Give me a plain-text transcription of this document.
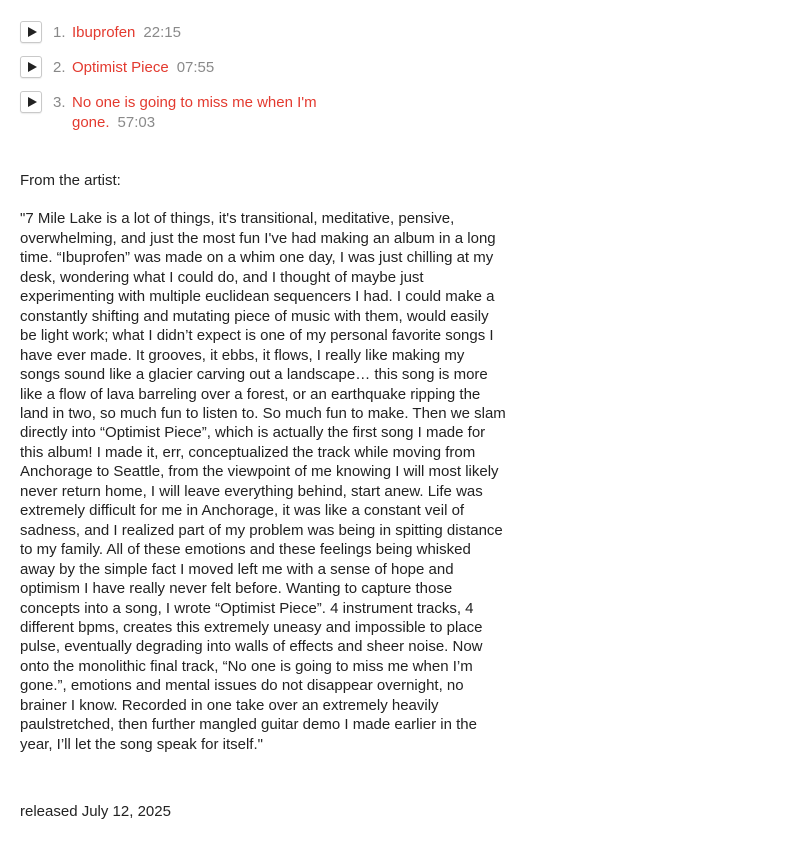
1. Ibuprofen 22:15
2. Optimist Piece 07:55
3. No one is going to miss me when I'm gone. 57:03

From the artist:

"7 Mile Lake is a lot of things, it's transitional, meditative, pensive, overwhelming, and just the most fun I've had making an album in a long time. “Ibuprofen” was made on a whim one day, I was just chilling at my desk, wondering what I could do, and I thought of maybe just experimenting with multiple euclidean sequencers I had. I could make a constantly shifting and mutating piece of music with them, would easily be light work; what I didn’t expect is one of my personal favorite songs I have ever made. It grooves, it ebbs, it flows, I really like making my songs sound like a glacier carving out a landscape… this song is more like a flow of lava barreling over a forest, or an earthquake ripping the land in two, so much fun to listen to. So much fun to make. Then we slam directly into “Optimist Piece”, which is actually the first song I made for this album! I made it, err, conceptualized the track while moving from Anchorage to Seattle, from the viewpoint of me knowing I will most likely never return home, I will leave everything behind, start anew. Life was extremely difficult for me in Anchorage, it was like a constant veil of sadness, and I realized part of my problem was being in spitting distance to my family. All of these emotions and these feelings being whisked away by the simple fact I moved left me with a sense of hope and optimism I have really never felt before. Wanting to capture those concepts into a song, I wrote “Optimist Piece”. 4 instrument tracks, 4 different bpms, creates this extremely uneasy and impossible to place pulse, eventually degrading into walls of effects and sheer noise. Now onto the monolithic final track, “No one is going to miss me when I’m gone.”, emotions and mental issues do not disappear overnight, no brainer I know. Recorded in one take over an extremely heavily paulstretched, then further mangled guitar demo I made earlier in the year, I’ll let the song speak for itself."

released July 12, 2025
